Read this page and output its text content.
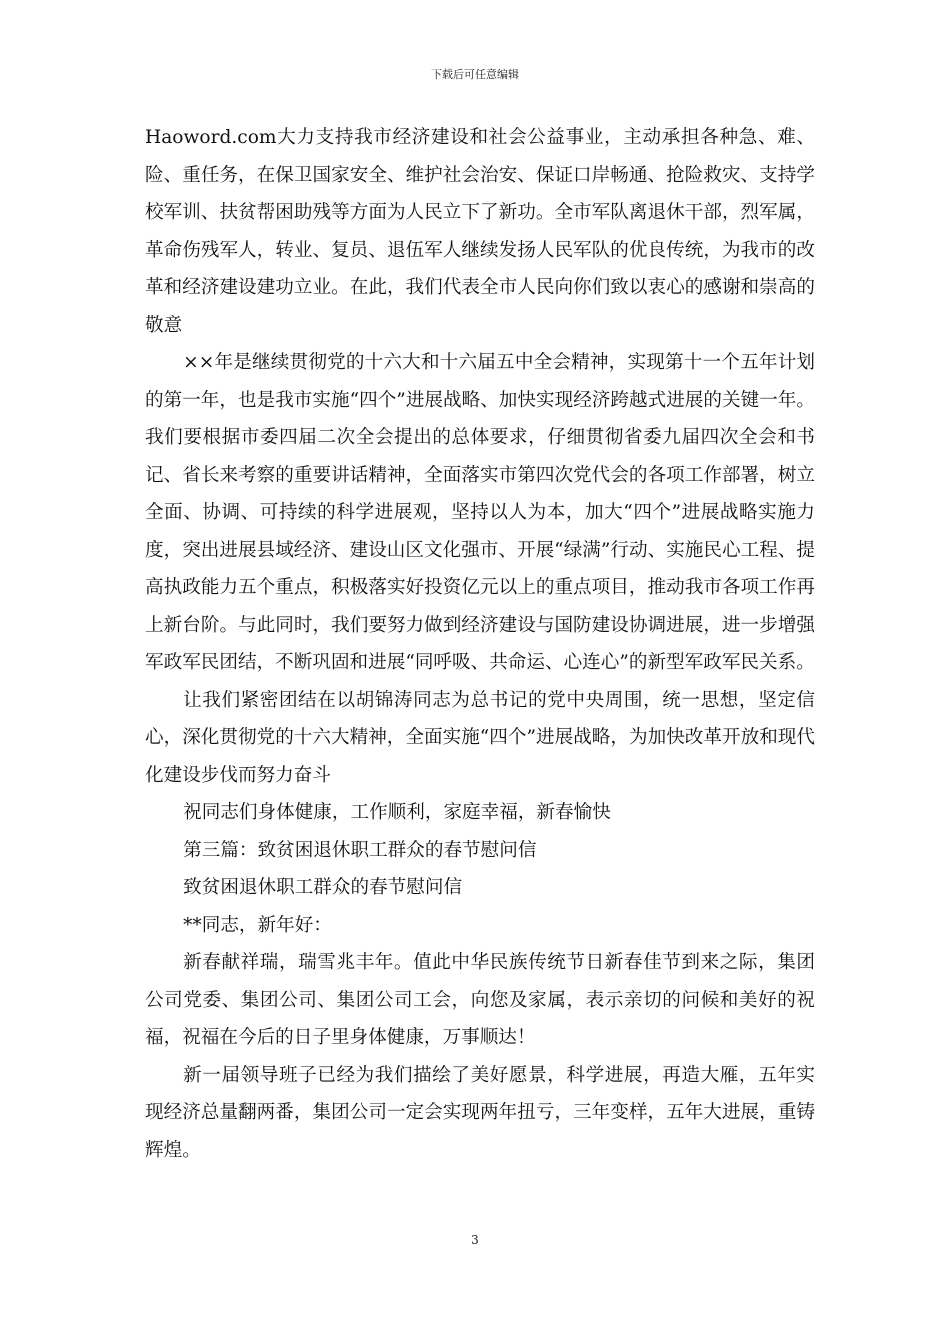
下载后可任意编辑

Haoword.com大力支持我市经济建设和社会公益事业，主动承担各种急、难、险、重任务，在保卫国家安全、维护社会治安、保证口岸畅通、抢险救灾、支持学校军训、扶贫帮困助残等方面为人民立下了新功。全市军队离退休干部，烈军属，革命伤残军人，转业、复员、退伍军人继续发扬人民军队的优良传统，为我市的改革和经济建设建功立业。在此，我们代表全市人民向你们致以衷心的感谢和崇高的敬意

××年是继续贯彻党的十六大和十六届五中全会精神，实现第十一个五年计划的第一年，也是我市实施“四个”进展战略、加快实现经济跨越式进展的关键一年。我们要根据市委四届二次全会提出的总体要求，仔细贯彻省委九届四次全会和书记、省长来考察的重要讲话精神，全面落实市第四次党代会的各项工作部署，树立全面、协调、可持续的科学进展观，坚持以人为本，加大“四个”进展战略实施力度，突出进展县域经济、建设山区文化强市、开展“绿满”行动、实施民心工程、提高执政能力五个重点，积极落实好投资亿元以上的重点项目，推动我市各项工作再上新台阶。与此同时，我们要努力做到经济建设与国防建设协调进展，进一步增强军政军民团结，不断巩固和进展“同呼吸、共命运、心连心”的新型军政军民关系。

让我们紧密团结在以胡锦涛同志为总书记的党中央周围，统一思想，坚定信心，深化贯彻党的十六大精神，全面实施“四个”进展战略，为加快改革开放和现代化建设步伐而努力奋斗

祝同志们身体健康，工作顺利，家庭幸福，新春愉快

第三篇：致贫困退休职工群众的春节慰问信

致贫困退休职工群众的春节慰问信

**同志，新年好：

新春献祥瑞，瑞雪兆丰年。值此中华民族传统节日新春佳节到来之际，集团公司党委、集团公司、集团公司工会，向您及家属，表示亲切的问候和美好的祝福，祝福在今后的日子里身体健康，万事顺达！

新一届领导班子已经为我们描绘了美好愿景，科学进展，再造大雁，五年实现经济总量翻两番，集团公司一定会实现两年扭亏，三年变样，五年大进展，重铸辉煌。

3
